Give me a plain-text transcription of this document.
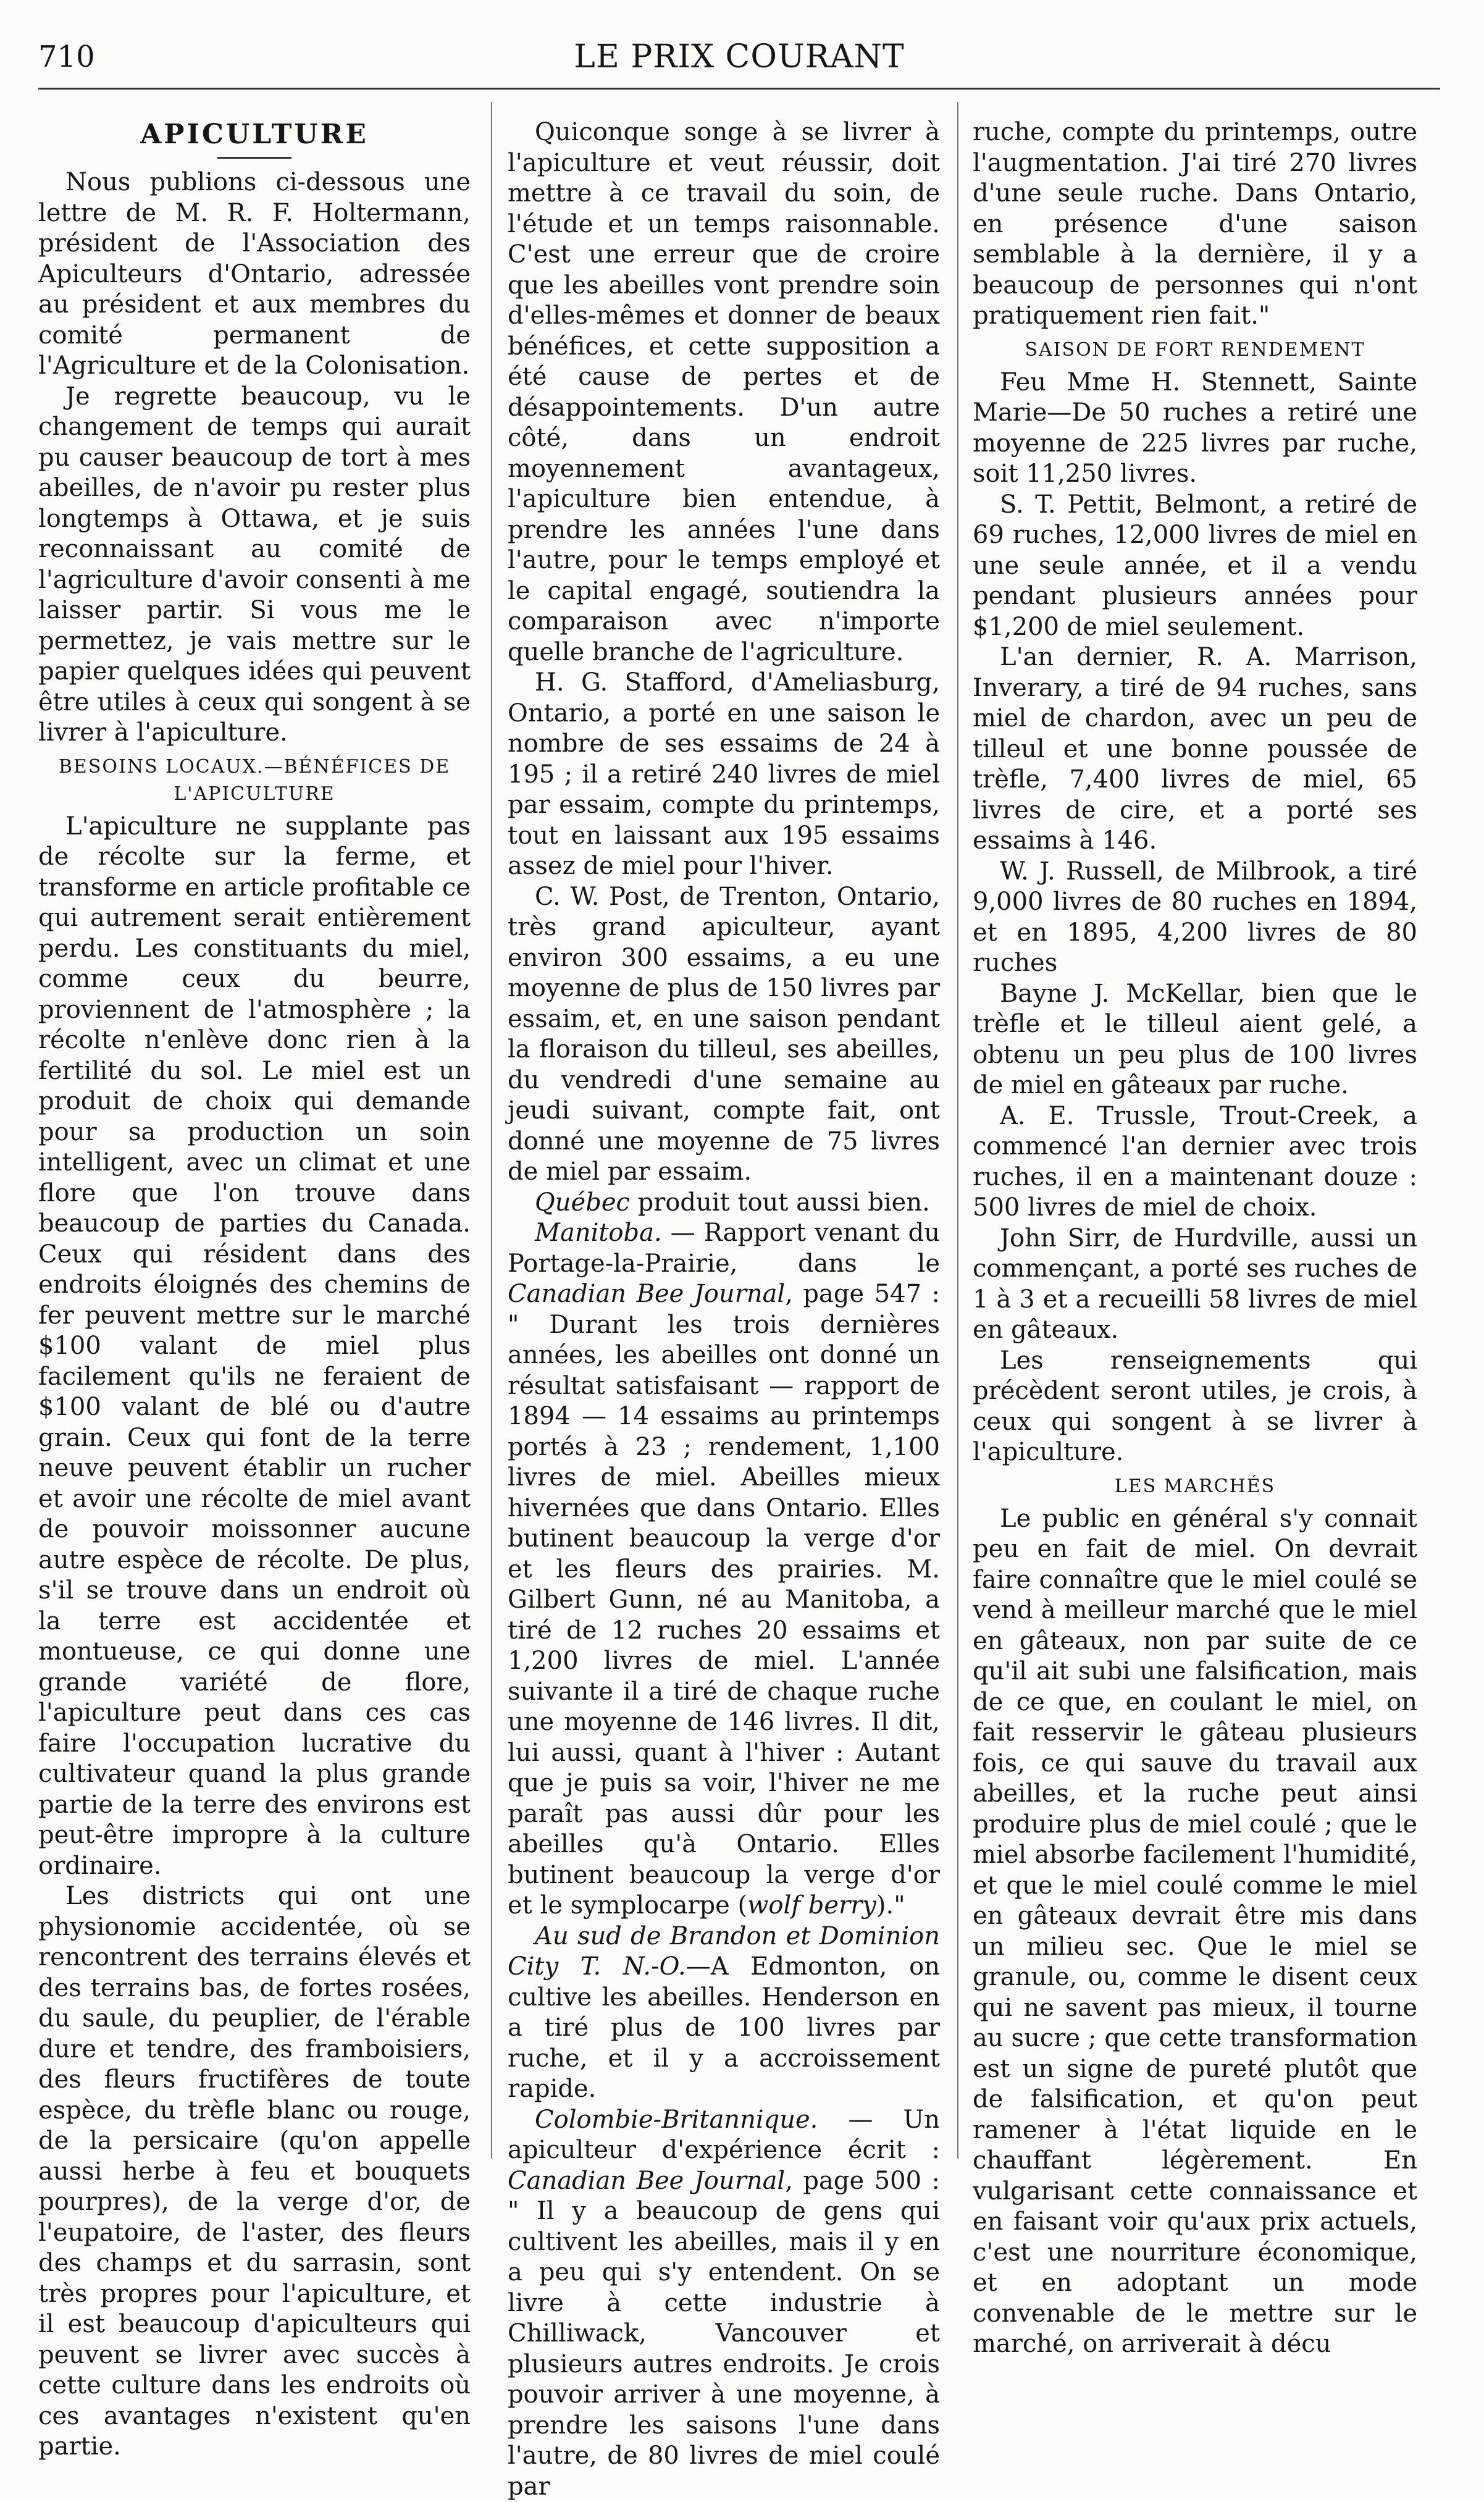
710	LE PRIX COURANT
APICULTURE

Nous publions ci-dessous une lettre de M. R. F. Holtermann, président de l'Association des Apiculteurs d'Ontario, adressée au président et aux membres du comité permanent de l'Agriculture et de la Colonisation.

Je regrette beaucoup, vu le changement de temps qui aurait pu causer beaucoup de tort à mes abeilles, de n'avoir pu rester plus longtemps à Ottawa, et je suis reconnaissant au comité de l'agriculture d'avoir consenti à me laisser partir. Si vous me le permettez, je vais mettre sur le papier quelques idées qui peuvent être utiles à ceux qui songent à se livrer à l'apiculture.

BESOINS LOCAUX.—BÉNÉFICES DE L'APICULTURE

L'apiculture ne supplante pas de récolte sur la ferme, et transforme en article profitable ce qui autrement serait entièrement perdu. Les constituants du miel, comme ceux du beurre, proviennent de l'atmosphère ; la récolte n'enlève donc rien à la fertilité du sol. Le miel est un produit de choix qui demande pour sa production un soin intelligent, avec un climat et une flore que l'on trouve dans beaucoup de parties du Canada. Ceux qui résident dans des endroits éloignés des chemins de fer peuvent mettre sur le marché $100 valant de miel plus facilement qu'ils ne feraient de $100 valant de blé ou d'autre grain. Ceux qui font de la terre neuve peuvent établir un rucher et avoir une récolte de miel avant de pouvoir moissonner aucune autre espèce de récolte. De plus, s'il se trouve dans un endroit où la terre est accidentée et montueuse, ce qui donne une grande variété de flore, l'apiculture peut dans ces cas faire l'occupation lucrative du cultivateur quand la plus grande partie de la terre des environs est peut-être impropre à la culture ordinaire.

Les districts qui ont une physionomie accidentée, où se rencontrent des terrains élevés et des terrains bas, de fortes rosées, du saule, du peuplier, de l'érable dure et tendre, des framboisiers, des fleurs fructifères de toute espèce, du trèfle blanc ou rouge, de la persicaire (qu'on appelle aussi herbe à feu et bouquets pourpres), de la verge d'or, de l'eupatoire, de l'aster, des fleurs des champs et du sarrasin, sont très propres pour l'apiculture, et il est beaucoup d'apiculteurs qui peuvent se livrer avec succès à cette culture dans les endroits où ces avantages n'existent qu'en partie.

Quiconque songe à se livrer à l'apiculture et veut réussir, doit mettre à ce travail du soin, de l'étude et un temps raisonnable. C'est une erreur que de croire que les abeilles vont prendre soin d'elles-mêmes et donner de beaux bénéfices, et cette supposition a été cause de pertes et de désappointements. D'un autre côté, dans un endroit moyennement avantageux, l'apiculture bien entendue, à prendre les années l'une dans l'autre, pour le temps employé et le capital engagé, soutiendra la comparaison avec n'importe quelle branche de l'agriculture.

H. G. Stafford, d'Ameliasburg, Ontario, a porté en une saison le nombre de ses essaims de 24 à 195 ; il a retiré 240 livres de miel par essaim, compte du printemps, tout en laissant aux 195 essaims assez de miel pour l'hiver.

C. W. Post, de Trenton, Ontario, très grand apiculteur, ayant environ 300 essaims, a eu une moyenne de plus de 150 livres par essaim, et, en une saison pendant la floraison du tilleul, ses abeilles, du vendredi d'une semaine au jeudi suivant, compte fait, ont donné une moyenne de 75 livres de miel par essaim.

Québec produit tout aussi bien.

Manitoba. — Rapport venant du Portage-la-Prairie, dans le Canadian Bee Journal, page 547 : " Durant les trois dernières années, les abeilles ont donné un résultat satisfaisant — rapport de 1894 — 14 essaims au printemps portés à 23 ; rendement, 1,100 livres de miel. Abeilles mieux hivernées que dans Ontario. Elles butinent beaucoup la verge d'or et les fleurs des prairies. M. Gilbert Gunn, né au Manitoba, a tiré de 12 ruches 20 essaims et 1,200 livres de miel. L'année suivante il a tiré de chaque ruche une moyenne de 146 livres. Il dit, lui aussi, quant à l'hiver : Autant que je puis sa voir, l'hiver ne me paraît pas aussi dûr pour les abeilles qu'à Ontario. Elles butinent beaucoup la verge d'or et le symplocarpe (wolf berry)."

Au sud de Brandon et Dominion City T. N.-O.—A Edmonton, on cultive les abeilles. Henderson en a tiré plus de 100 livres par ruche, et il y a accroissement rapide.

Colombie-Britannique. — Un apiculteur d'expérience écrit : Canadian Bee Journal, page 500 : " Il y a beaucoup de gens qui cultivent les abeilles, mais il y en a peu qui s'y entendent. On se livre à cette industrie à Chilliwack, Vancouver et plusieurs autres endroits. Je crois pouvoir arriver à une moyenne, à prendre les saisons l'une dans l'autre, de 80 livres de miel coulé par

ruche, compte du printemps, outre l'augmentation. J'ai tiré 270 livres d'une seule ruche. Dans Ontario, en présence d'une saison semblable à la dernière, il y a beaucoup de personnes qui n'ont pratiquement rien fait."

SAISON DE FORT RENDEMENT

Feu Mme H. Stennett, Sainte Marie—De 50 ruches a retiré une moyenne de 225 livres par ruche, soit 11,250 livres.

S. T. Pettit, Belmont, a retiré de 69 ruches, 12,000 livres de miel en une seule année, et il a vendu pendant plusieurs années pour $1,200 de miel seulement.

L'an dernier, R. A. Marrison, Inverary, a tiré de 94 ruches, sans miel de chardon, avec un peu de tilleul et une bonne poussée de trèfle, 7,400 livres de miel, 65 livres de cire, et a porté ses essaims à 146.

W. J. Russell, de Milbrook, a tiré 9,000 livres de 80 ruches en 1894, et en 1895, 4,200 livres de 80 ruches

Bayne J. McKellar, bien que le trèfle et le tilleul aient gelé, a obtenu un peu plus de 100 livres de miel en gâteaux par ruche.

A. E. Trussle, Trout-Creek, a commencé l'an dernier avec trois ruches, il en a maintenant douze : 500 livres de miel de choix.

John Sirr, de Hurdville, aussi un commençant, a porté ses ruches de 1 à 3 et a recueilli 58 livres de miel en gâteaux.

Les renseignements qui précèdent seront utiles, je crois, à ceux qui songent à se livrer à l'apiculture.

LES MARCHÉS

Le public en général s'y connait peu en fait de miel. On devrait faire connaître que le miel coulé se vend à meilleur marché que le miel en gâteaux, non par suite de ce qu'il ait subi une falsification, mais de ce que, en coulant le miel, on fait resservir le gâteau plusieurs fois, ce qui sauve du travail aux abeilles, et la ruche peut ainsi produire plus de miel coulé ; que le miel absorbe facilement l'humidité, et que le miel coulé comme le miel en gâteaux devrait être mis dans un milieu sec. Que le miel se granule, ou, comme le disent ceux qui ne savent pas mieux, il tourne au sucre ; que cette transformation est un signe de pureté plutôt que de falsification, et qu'on peut ramener à l'état liquide en le chauffant légèrement. En vulgarisant cette connaissance et en faisant voir qu'aux prix actuels, c'est une nourriture économique, et en adoptant un mode convenable de le mettre sur le marché, on arriverait à décu
